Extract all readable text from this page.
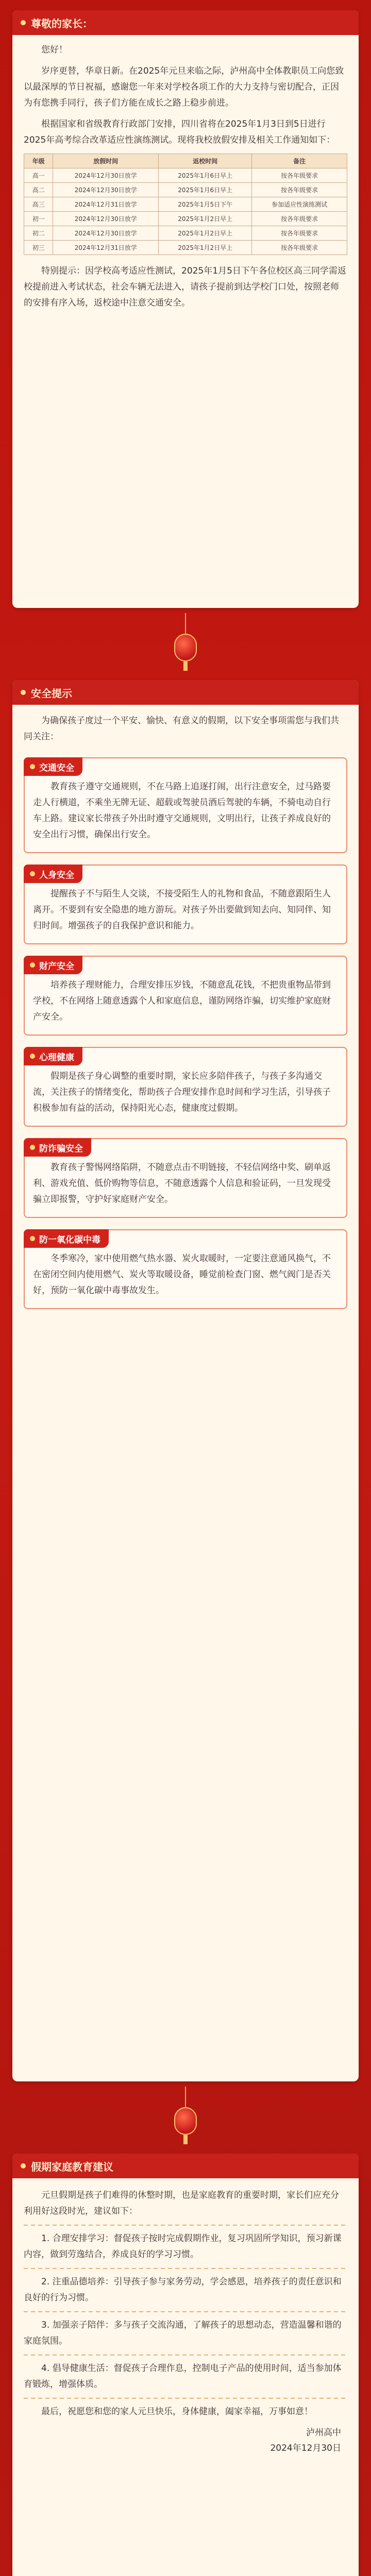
尊敬的家长：

您好！

岁序更替，华章日新。在2025年元旦来临之际，泸州高中全体教职员工向您致以最深厚的节日祝福，感谢您一年来对学校各项工作的大力支持与密切配合，正因为有您携手同行，孩子们方能在成长之路上稳步前进。

根据国家和省级教育行政部门安排，四川省将在2025年1月3日到5日进行2025年高考综合改革适应性演练测试。现将我校放假安排及相关工作通知如下：

年级	放假时间	返校时间	备注
高一	2024年12月30日放学	2025年1月6日早上	按各年级要求
高二	2024年12月30日放学	2025年1月6日早上	按各年级要求
高三	2024年12月31日放学	2025年1月5日下午	参加适应性演练测试
初一	2024年12月30日放学	2025年1月2日早上	按各年级要求
初二	2024年12月30日放学	2025年1月2日早上	按各年级要求
初三	2024年12月31日放学	2025年1月2日早上	按各年级要求

特别提示：因学校高考适应性测试，2025年1月5日下午各位校区高三同学需返校提前进入考试状态，社会车辆无法进入，请孩子提前到达学校门口处，按照老师的安排有序入场，返校途中注意交通安全。

安全提示

为确保孩子度过一个平安、愉快、有意义的假期，以下安全事项需您与我们共同关注：

交通安全

教育孩子遵守交通规则，不在马路上追逐打闹，出行注意安全，过马路要走人行横道，不乘坐无牌无证、超载或驾驶员酒后驾驶的车辆，不骑电动自行车上路。建议家长带孩子外出时遵守交通规则，文明出行，让孩子养成良好的安全出行习惯，确保出行安全。

人身安全

提醒孩子不与陌生人交谈，不接受陌生人的礼物和食品，不随意跟陌生人离开。不要到有安全隐患的地方游玩。对孩子外出要做到知去向、知同伴、知归时间。增强孩子的自我保护意识和能力。

财产安全

培养孩子理财能力，合理安排压岁钱，不随意乱花钱，不把贵重物品带到学校，不在网络上随意透露个人和家庭信息，谨防网络诈骗，切实维护家庭财产安全。

心理健康

假期是孩子身心调整的重要时期，家长应多陪伴孩子，与孩子多沟通交流，关注孩子的情绪变化，帮助孩子合理安排作息时间和学习生活，引导孩子积极参加有益的活动，保持阳光心态，健康度过假期。

防诈骗安全

教育孩子警惕网络陷阱，不随意点击不明链接，不轻信网络中奖、刷单返利、游戏充值、低价购物等信息，不随意透露个人信息和验证码，一旦发现受骗立即报警，守护好家庭财产安全。

防一氧化碳中毒

冬季寒冷，家中使用燃气热水器、炭火取暖时，一定要注意通风换气，不在密闭空间内使用燃气、炭火等取暖设备，睡觉前检查门窗、燃气阀门是否关好，预防一氧化碳中毒事故发生。

假期家庭教育建议

元旦假期是孩子们难得的休整时期，也是家庭教育的重要时期，家长们应充分利用好这段时光，建议如下：

1. 合理安排学习：督促孩子按时完成假期作业，复习巩固所学知识，预习新课内容，做到劳逸结合，养成良好的学习习惯。

2. 注重品德培养：引导孩子参与家务劳动，学会感恩，培养孩子的责任意识和良好的行为习惯。

3. 加强亲子陪伴：多与孩子交流沟通，了解孩子的思想动态，营造温馨和谐的家庭氛围。

4. 倡导健康生活：督促孩子合理作息，控制电子产品的使用时间，适当参加体育锻炼，增强体质。

最后，祝愿您和您的家人元旦快乐，身体健康，阖家幸福，万事如意！

泸州高中
2024年12月30日
